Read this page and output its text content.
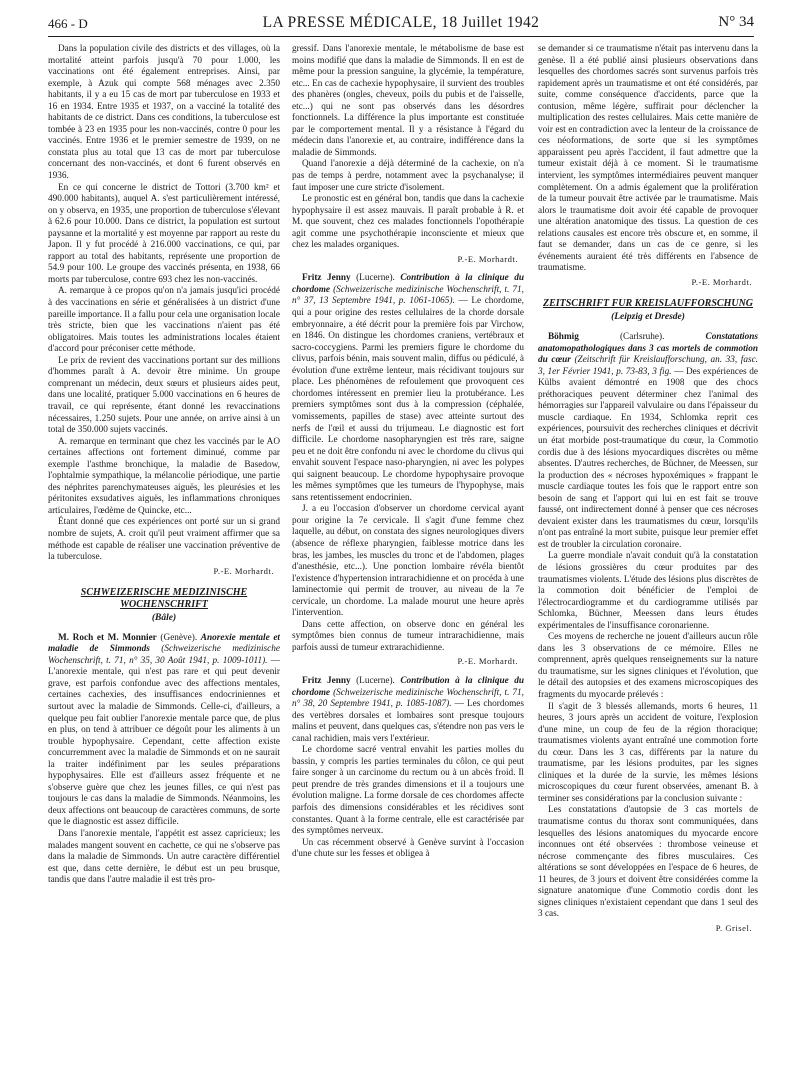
466 - D	LA PRESSE MÉDICALE, 18 Juillet 1942	N° 34

Dans la population civile des districts et des villages, où la mortalité atteint parfois jusqu'à 70 pour 1.000, les vaccinations ont été également entreprises. Ainsi, par exemple, à Azuk qui compte 568 ménages avec 2.350 habitants, il y a eu 15 cas de mort par tuberculose en 1933 et 16 en 1934. Entre 1935 et 1937, on a vacciné la totalité des habitants de ce district. Dans ces conditions, la tuberculose est tombée à 23 en 1935 pour les non-vaccinés, contre 0 pour les vaccinés. Entre 1936 et le premier semestre de 1939, on ne constata plus au total que 13 cas de mort par tuberculose concernant des non-vaccinés, et dont 6 furent observés en 1936.

En ce qui concerne le district de Tottori (3.700 km² et 490.000 habitants), auquel A. s'est particulièrement intéressé, on y observa, en 1935, une proportion de tuberculose s'élevant à 62.6 pour 10.000. Dans ce district, la population est surtout paysanne et la mortalité y est moyenne par rapport au reste du Japon. Il y fut procédé à 216.000 vaccinations, ce qui, par rapport au total des habitants, représente une proportion de 54.9 pour 100. Le groupe des vaccinés présenta, en 1938, 66 morts par tuberculose, contre 693 chez les non-vaccinés.

A. remarque à ce propos qu'on n'a jamais jusqu'ici procédé à des vaccinations en série et généralisées à un district d'une pareille importance. Il a fallu pour cela une organisation locale très stricte, bien que les vaccinations n'aient pas été obligatoires. Mais toutes les administrations locales étaient d'accord pour préconiser cette méthode.

Le prix de revient des vaccinations portant sur des millions d'hommes paraît à A. devoir être minime. Un groupe comprenant un médecin, deux sœurs et plusieurs aides peut, dans une localité, pratiquer 5.000 vaccinations en 6 heures de travail, ce qui représente, étant donné les revaccinations nécessaires, 1.250 sujets. Pour une année, on arrive ainsi à un total de 350.000 sujets vaccinés.

A. remarque en terminant que chez les vaccinés par le AO certaines affections ont fortement diminué, comme par exemple l'asthme bronchique, la maladie de Basedow, l'ophtalmie sympathique, la mélancolie périodique, une partie des néphrites parenchymateuses aiguës, les pleurésies et les péritonites exsudatives aiguës, les inflammations chroniques articulaires, l'œdème de Quincke, etc...

Étant donné que ces expériences ont porté sur un si grand nombre de sujets, A. croit qu'il peut vraiment affirmer que sa méthode est capable de réaliser une vaccination préventive de la tuberculose.

P.-E. Morhardt.

SCHWEIZERISCHE MEDIZINISCHE WOCHENSCHRIFT

(Bâle)

M. Roch et M. Monnier (Genève). Anorexie mentale et maladie de Simmonds (Schweizerische medizinische Wochenschrift, t. 71, n° 35, 30 Août 1941, p. 1009-1011). — L'anorexie mentale, qui n'est pas rare et qui peut devenir grave, est parfois confondue avec des affections mentales, certaines cachexies, des insuffisances endocriniennes et surtout avec la maladie de Simmonds. Celle-ci, d'ailleurs, a quelque peu fait oublier l'anorexie mentale parce que, de plus en plus, on tend à attribuer ce dégoût pour les aliments à un trouble hypophysaire. Cependant, cette affection existe concurremment avec la maladie de Simmonds et on ne saurait la traiter indéfiniment par les seules préparations hypophysaires. Elle est d'ailleurs assez fréquente et ne s'observe guère que chez les jeunes filles, ce qui n'est pas toujours le cas dans la maladie de Simmonds. Néanmoins, les deux affections ont beaucoup de caractères communs, de sorte que le diagnostic est assez difficile.

Dans l'anorexie mentale, l'appétit est assez capricieux; les malades mangent souvent en cachette, ce qui ne s'observe pas dans la maladie de Simmonds. Un autre caractère différentiel est que, dans cette dernière, le début est un peu brusque, tandis que dans l'autre maladie il est très pro-

gressif. Dans l'anorexie mentale, le métabolisme de base est moins modifié que dans la maladie de Simmonds. Il en est de même pour la pression sanguine, la glycémie, la température, etc... En cas de cachexie hypophysaire, il survient des troubles des phanères (ongles, cheveux, poils du pubis et de l'aisselle, etc...) qui ne sont pas observés dans les désordres fonctionnels. La différence la plus importante est constituée par le comportement mental. Il y a résistance à l'égard du médecin dans l'anorexie et, au contraire, indifférence dans la maladie de Simmonds.

Quand l'anorexie a déjà déterminé de la cachexie, on n'a pas de temps à perdre, notamment avec la psychanalyse; il faut imposer une cure stricte d'isolement.

Le pronostic est en général bon, tandis que dans la cachexie hypophysaire il est assez mauvais. Il paraît probable à R. et M. que souvent, chez ces malades fonctionnels l'opothérapie agit comme une psychothérapie inconsciente et mieux que chez les malades organiques.

P.-E. Morhardt.

Fritz Jenny (Lucerne). Contribution à la clinique du chordome (Schweizerische medizinische Wochenschrift, t. 71, n° 37, 13 Septembre 1941, p. 1061-1065). — Le chordome, qui a pour origine des restes cellulaires de la chorde dorsale embryonnaire, a été décrit pour la première fois par Virchow, en 1846. On distingue les chordomes craniens, vertébraux et sacro-coccygiens. Parmi les premiers figure le chordome du clivus, parfois bénin, mais souvent malin, diffus ou pédiculé, à évolution d'une extrême lenteur, mais récidivant toujours sur place. Les phénomènes de refoulement que provoquent ces chordomes intéressent en premier lieu la protubérance. Les premiers symptômes sont dus à la compression (céphalée, vomissements, papilles de stase) avec atteinte surtout des nerfs de l'œil et aussi du trijumeau. Le diagnostic est fort difficile. Le chordome nasopharyngien est très rare, saigne peu et ne doit être confondu ni avec le chordome du clivus qui envahit souvent l'espace naso-pharyngien, ni avec les polypes qui saignent beaucoup. Le chordome hypophysaire provoque les mêmes symptômes que les tumeurs de l'hypophyse, mais sans retentissement endocrinien.

J. a eu l'occasion d'observer un chordome cervical ayant pour origine la 7e cervicale. Il s'agit d'une femme chez laquelle, au début, on constata des signes neurologiques divers (absence de réflexe pharyngien, faiblesse motrice dans les bras, les jambes, les muscles du tronc et de l'abdomen, plages d'anesthésie, etc...). Une ponction lombaire révéla bientôt l'existence d'hypertension intrarachidienne et on procéda à une laminectomie qui permit de trouver, au niveau de la 7e cervicale, un chordome. La malade mourut une heure après l'intervention.

Dans cette affection, on observe donc en général les symptômes bien connus de tumeur intrarachidienne, mais parfois aussi de tumeur extrarachidienne.

P.-E. Morhardt.

Fritz Jenny (Lucerne). Contribution à la clinique du chordome (Schweizerische medizinische Wochenschrift, t. 71, n° 38, 20 Septembre 1941, p. 1085-1087). — Les chordomes des vertèbres dorsales et lombaires sont presque toujours malins et peuvent, dans quelques cas, s'étendre non pas vers le canal rachidien, mais vers l'extérieur.

Le chordome sacré ventral envahit les parties molles du bassin, y compris les parties terminales du côlon, ce qui peut faire songer à un carcinome du rectum ou à un abcès froid. Il peut prendre de très grandes dimensions et il a toujours une évolution maligne. La forme dorsale de ces chordomes affecte parfois des dimensions considérables et les récidives sont constantes. Quant à la forme centrale, elle est caractérisée par des symptômes nerveux.

Un cas récemment observé à Genève survint à l'occasion d'une chute sur les fesses et obligea à

se demander si ce traumatisme n'était pas intervenu dans la genèse. Il a été publié ainsi plusieurs observations dans lesquelles des chordomes sacrés sont survenus parfois très rapidement après un traumatisme et ont été considérés, par suite, comme conséquence d'accidents, parce que la contusion, même légère, suffirait pour déclencher la multiplication des restes cellulaires. Mais cette manière de voir est en contradiction avec la lenteur de la croissance de ces néoformations, de sorte que si les symptômes apparaissent peu après l'accident, il faut admettre que la tumeur existait déjà à ce moment. Si le traumatisme intervient, les symptômes intermédiaires peuvent manquer complètement. On a admis également que la prolifération de la tumeur pouvait être activée par le traumatisme. Mais alors le traumatisme doit avoir été capable de provoquer une altération anatomique des tissus. La question de ces relations causales est encore très obscure et, en somme, il faut se demander, dans un cas de ce genre, si les événements auraient été très différents en l'absence de traumatisme.

P.-E. Morhardt.

ZEITSCHRIFT FUR KREISLAUFFORSCHUNG

(Leipzig et Dresde)

Böhmig (Carlsruhe). Constatations anatomopathologiques dans 3 cas mortels de commotion du cœur (Zeitschrift für Kreislaufforschung, an. 33, fasc. 3, 1er Février 1941, p. 73-83, 3 fig. — Des expériences de Külbs avaient démontré en 1908 que des chocs préthoraciques peuvent déterminer chez l'animal des hémorragies sur l'appareil valvulaire ou dans l'épaisseur du muscle cardiaque. En 1934, Schlomka reprit ces expériences, poursuivit des recherches cliniques et décrivit un état morbide post-traumatique du cœur, la Commotio cordis due à des lésions myocardiques discrètes ou même absentes. D'autres recherches, de Büchner, de Meessen, sur la production des « nécroses hypoxémiques » frappant le muscle cardiaque toutes les fois que le rapport entre son besoin de sang et l'apport qui lui en est fait se trouve faussé, ont indirectement donné à penser que ces nécroses devaient exister dans les traumatismes du cœur, lorsqu'ils n'ont pas entraîné la mort subite, puisque leur premier effet est de troubler la circulation coronaire.

La guerre mondiale n'avait conduit qu'à la constatation de lésions grossières du cœur produites par des traumatismes violents. L'étude des lésions plus discrètes de la commotion doit bénéficier de l'emploi de l'électrocardiogramme et du cardiogramme utilisés par Schlomka, Büchner, Meessen dans leurs études expérimentales de l'insuffisance coronarienne.

Ces moyens de recherche ne jouent d'ailleurs aucun rôle dans les 3 observations de ce mémoire. Elles ne comprennent, après quelques renseignements sur la nature du traumatisme, sur les signes cliniques et l'évolution, que le détail des autopsies et des examens microscopiques des fragments du myocarde prélevés :

Il s'agit de 3 blessés allemands, morts 6 heures, 11 heures, 3 jours après un accident de voiture, l'explosion d'une mine, un coup de feu de la région thoracique; traumatismes violents ayant entraîné une commotion forte du cœur. Dans les 3 cas, différents par la nature du traumatisme, par les lésions produites, par les signes cliniques et la durée de la survie, les mêmes lésions microscopiques du cœur furent observées, amenant B. à terminer ses considérations par la conclusion suivante :

Les constatations d'autopsie de 3 cas mortels de traumatisme contus du thorax sont communiquées, dans lesquelles des lésions anatomiques du myocarde encore inconnues ont été observées : thrombose veineuse et nécrose commençante des fibres musculaires. Ces altérations se sont développées en l'espace de 6 heures, de 11 heures, de 3 jours et doivent être considérées comme la signature anatomique d'une Commotio cordis dont les signes cliniques n'existaient cependant que dans 1 seul des 3 cas.

P. Grisel.
